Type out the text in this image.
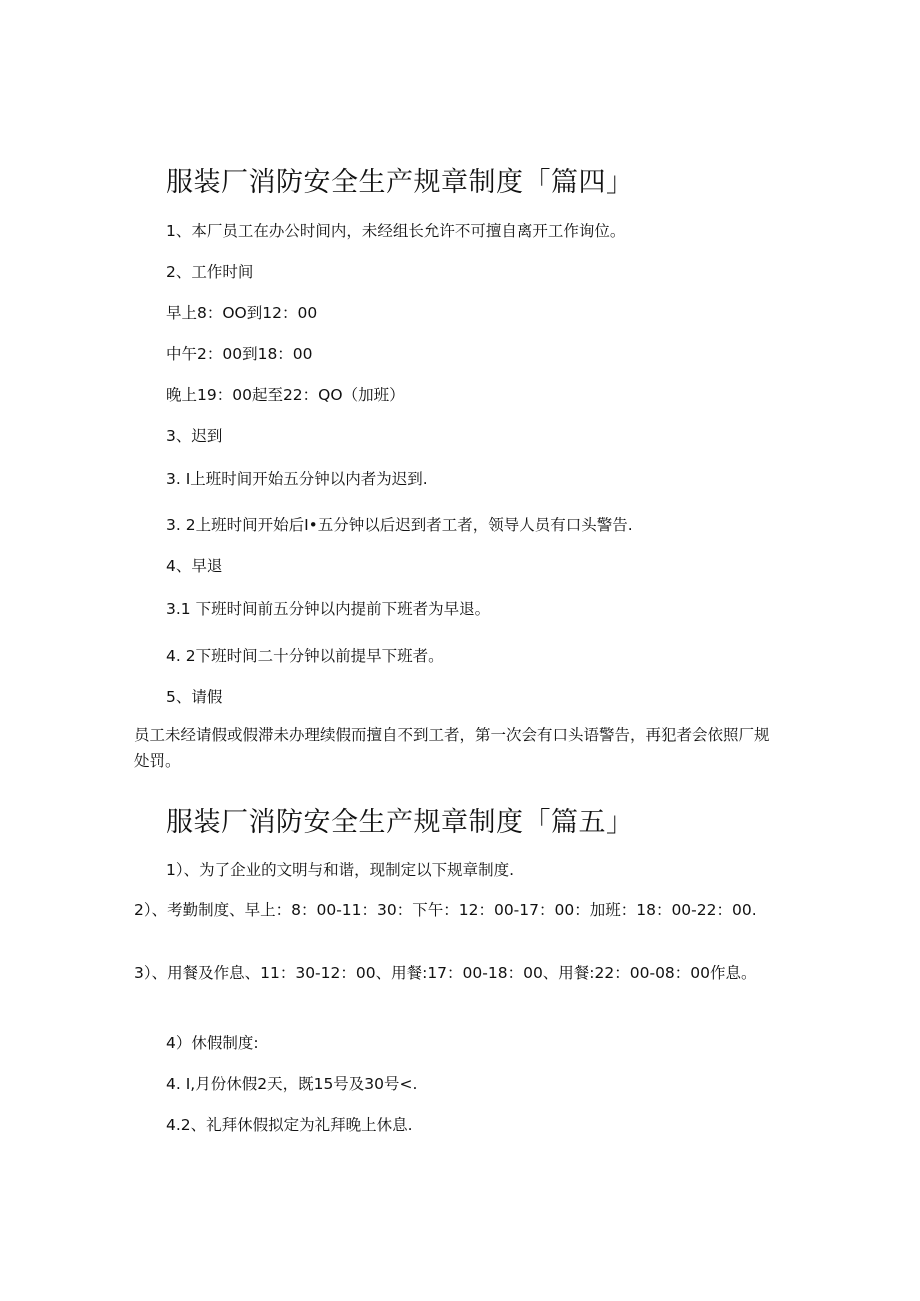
服装厂消防安全生产规章制度「篇四」
1、本厂员工在办公时间内，未经组长允许不可擅自离开工作询位。
2、工作时间
早上8：OO到12：00
中午2：00到18：00
晚上19：00起至22：QO（加班）
3、迟到
3. I上班时间开始五分钟以内者为迟到.
3. 2上班时间开始后I•五分钟以后迟到者工者，领导人员有口头警告.
4、早退
3.1 下班时间前五分钟以内提前下班者为早退。
4. 2下班时间二十分钟以前提早下班者。
5、请假
员工未经请假或假滞未办理续假而擅自不到工者，第一次会有口头语警告，再犯者会依照厂规处罚。
服装厂消防安全生产规章制度「篇五」
1）、为了企业的文明与和谐，现制定以下规章制度.
2）、考勤制度、早上：8：00-11：30：下午：12：00-17：00：加班：18：00-22：00.
3）、用餐及作息、11：30-12：00、用餐:17：00-18：00、用餐:22：00-08：00作息。
4）休假制度:
4. I,月份休假2天，既15号及30号<.
4.2、礼拜休假拟定为礼拜晚上休息.
